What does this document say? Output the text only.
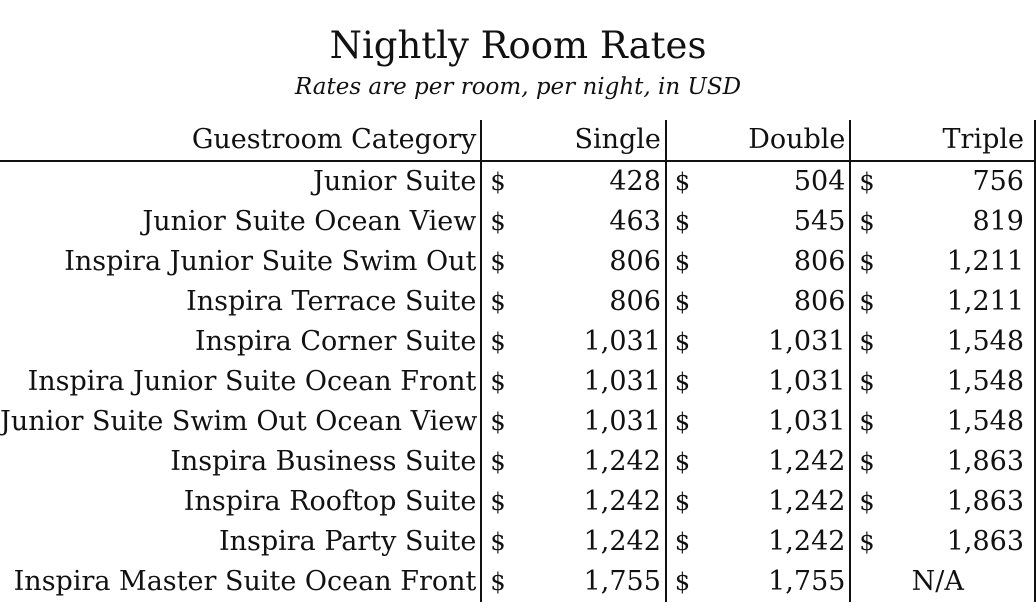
Nightly Room Rates
Rates are per room, per night, in USD
Guestroom Category	Single		Double		Triple	
Junior Suite	$	428	$	504	$	756
Junior Suite Ocean View	$	463	$	545	$	819
Inspira Junior Suite Swim Out	$	806	$	806	$	1,211
Inspira Terrace Suite	$	806	$	806	$	1,211
Inspira Corner Suite	$	1,031	$	1,031	$	1,548
Inspira Junior Suite Ocean Front	$	1,031	$	1,031	$	1,548
Junior Suite Swim Out Ocean View	$	1,031	$	1,031	$	1,548
Inspira Business Suite	$	1,242	$	1,242	$	1,863
Inspira Rooftop Suite	$	1,242	$	1,242	$	1,863
Inspira Party Suite	$	1,242	$	1,242	$	1,863
Inspira Master Suite Ocean Front	$	1,755	$	1,755	N/A	
